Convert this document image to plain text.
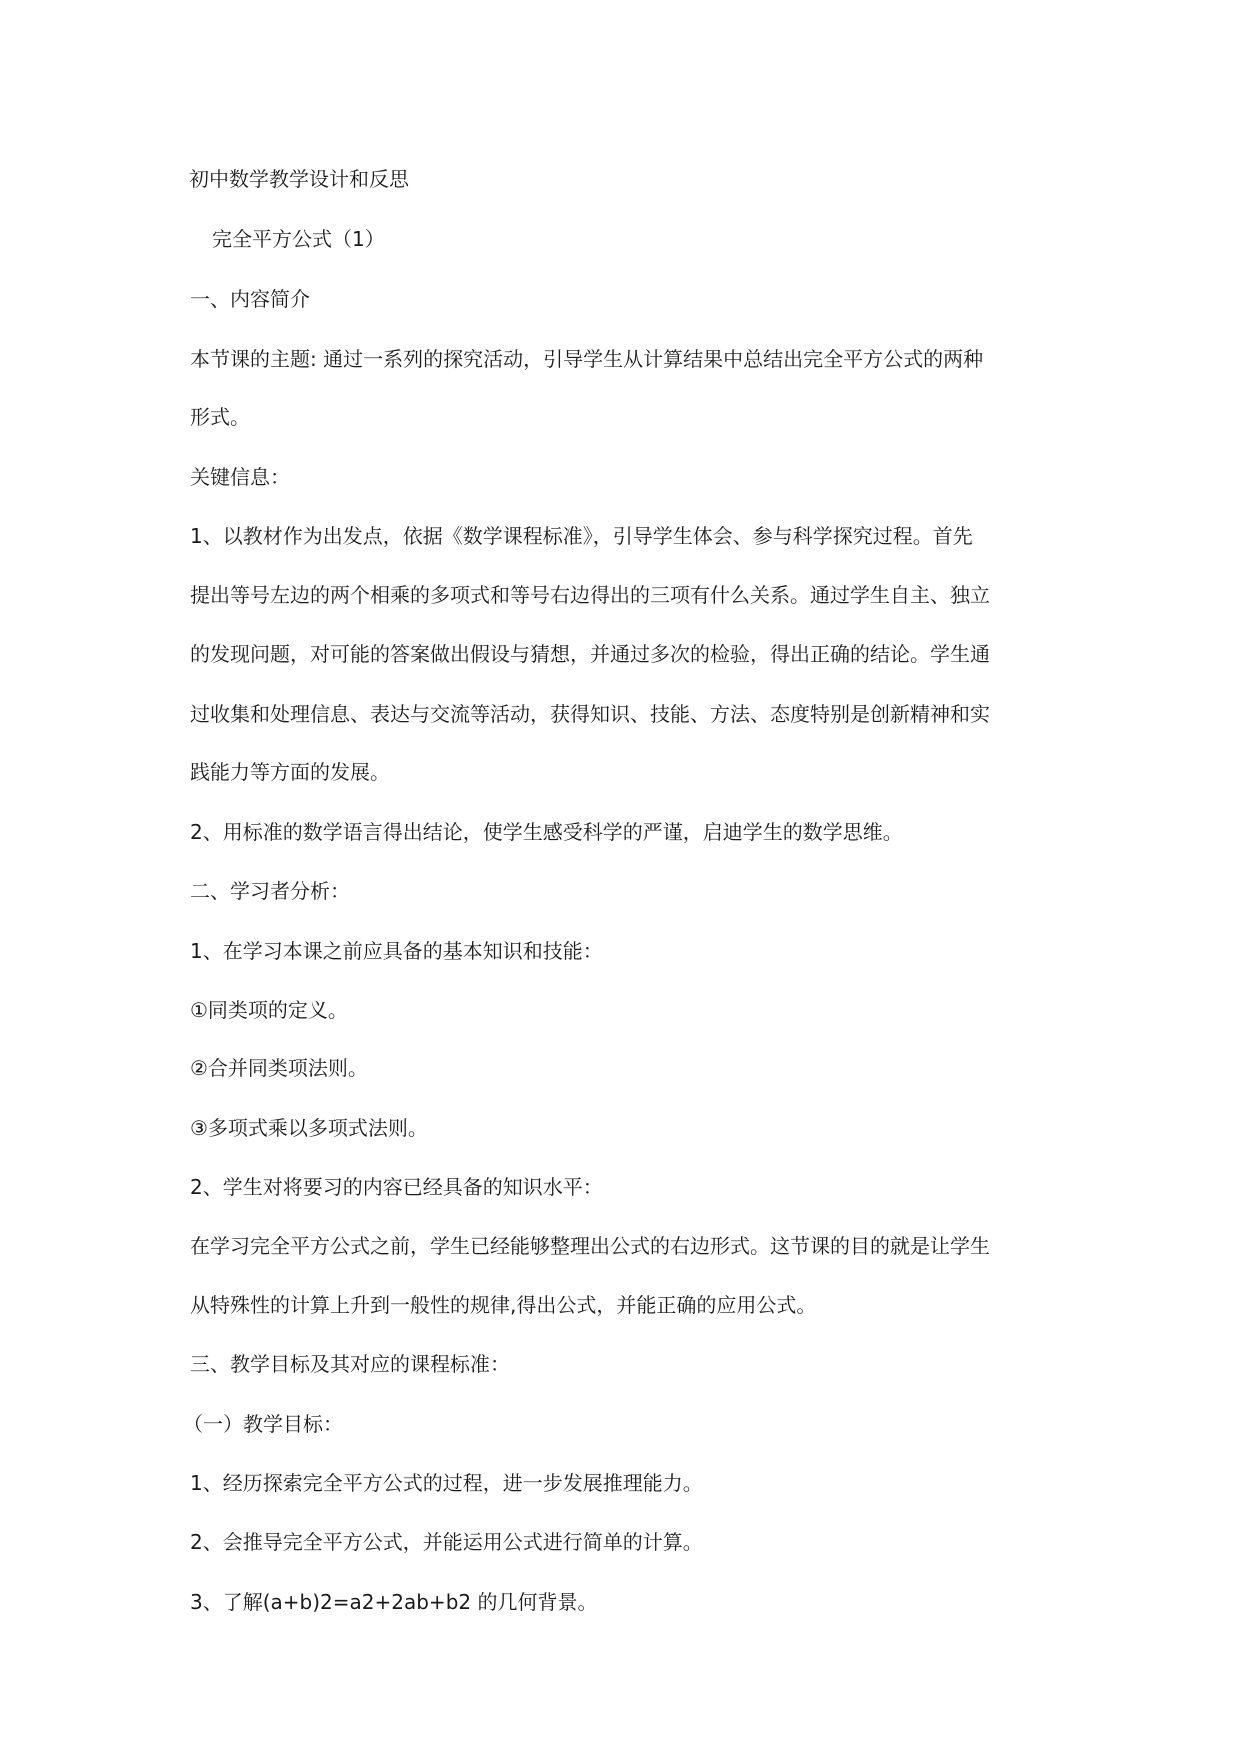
初中数学教学设计和反思

完全平方公式（1）

一、内容简介

本节课的主题: 通过一系列的探究活动，引导学生从计算结果中总结出完全平方公式的两种

形式。

关键信息：

1、以教材作为出发点，依据《数学课程标准》，引导学生体会、参与科学探究过程。首先

提出等号左边的两个相乘的多项式和等号右边得出的三项有什么关系。通过学生自主、独立

的发现问题，对可能的答案做出假设与猜想，并通过多次的检验，得出正确的结论。学生通

过收集和处理信息、表达与交流等活动，获得知识、技能、方法、态度特别是创新精神和实

践能力等方面的发展。

2、用标准的数学语言得出结论，使学生感受科学的严谨，启迪学生的数学思维。

二、学习者分析：

1、在学习本课之前应具备的基本知识和技能：

①同类项的定义。

②合并同类项法则。

③多项式乘以多项式法则。

2、学生对将要习的内容已经具备的知识水平：

在学习完全平方公式之前，学生已经能够整理出公式的右边形式。这节课的目的就是让学生

从特殊性的计算上升到一般性的规律,得出公式，并能正确的应用公式。

三、教学目标及其对应的课程标准：

（一）教学目标：

1、经历探索完全平方公式的过程，进一步发展推理能力。

2、会推导完全平方公式，并能运用公式进行简单的计算。

3、了解(a+b)2=a2+2ab+b2 的几何背景。
